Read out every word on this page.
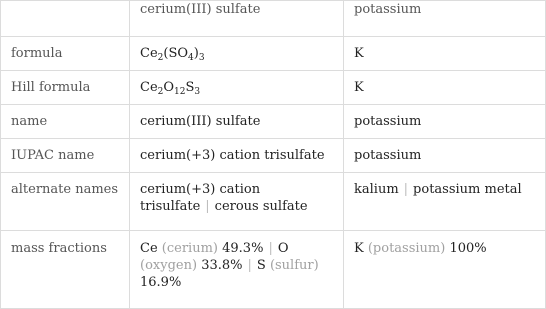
	cerium(III) sulfate	potassium
formula	$Ce_2(SO_4)_3$	K
Hill formula	$Ce_2O_{12}S_3$	K
name	cerium(III) sulfate	potassium
IUPAC name	cerium(+3) cation trisulfate	potassium
alternate names	cerium(+3) cation trisulfate | cerous sulfate	kalium | potassium metal
mass fractions	Ce (cerium) 49.3% | O (oxygen) 33.8% | S (sulfur) 16.9%	K (potassium) 100%
